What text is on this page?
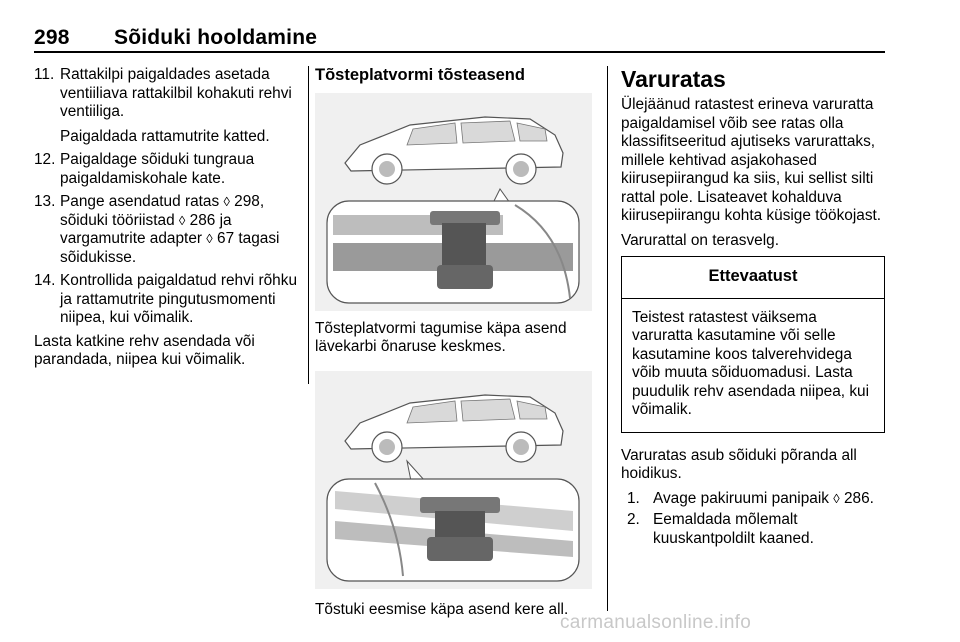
298 Sõiduki hooldamine
11. Rattakilpi paigaldades asetada ventiiliava rattakilbil kohakuti rehvi ventiiliga.
Paigaldada rattamutrite katted.
12. Paigaldage sõiduki tungraua paigaldamiskohale kate.
13. Pange asendatud ratas ◊ 298, sõiduki tööriistad ◊ 286 ja vargamutrite adapter ◊ 67 tagasi sõidukisse.
14. Kontrollida paigaldatud rehvi rõhku ja rattamutrite pingutusmomenti niipea, kui võimalik.
Lasta katkine rehv asendada või parandada, niipea kui võimalik.
Tõsteplatvormi tõsteasend
Tõsteplatvormi tagumise käpa asend lävekarbi õnaruse keskmes.
Tõstuki eesmise käpa asend kere all.
Varuratas
Ülejäänud ratastest erineva varuratta paigaldamisel võib see ratas olla klassifitseeritud ajutiseks varurattaks, millele kehtivad asjakohased kiirusepiirangud ka siis, kui sellist silti rattal pole. Lisateavet kohalduva kiirusepiirangu kohta küsige töökojast.
Varurattal on terasvelg.
Ettevaatust
Teistest ratastest väiksema varuratta kasutamine või selle kasutamine koos talverehvidega võib muuta sõiduomadusi. Lasta puudulik rehv asendada niipea, kui võimalik.
Varuratas asub sõiduki põranda all hoidikus.
1. Avage pakiruumi panipaik ◊ 286.
2. Eemaldada mõlemalt kuuskantpoldilt kaaned.
carmanualsonline.info
